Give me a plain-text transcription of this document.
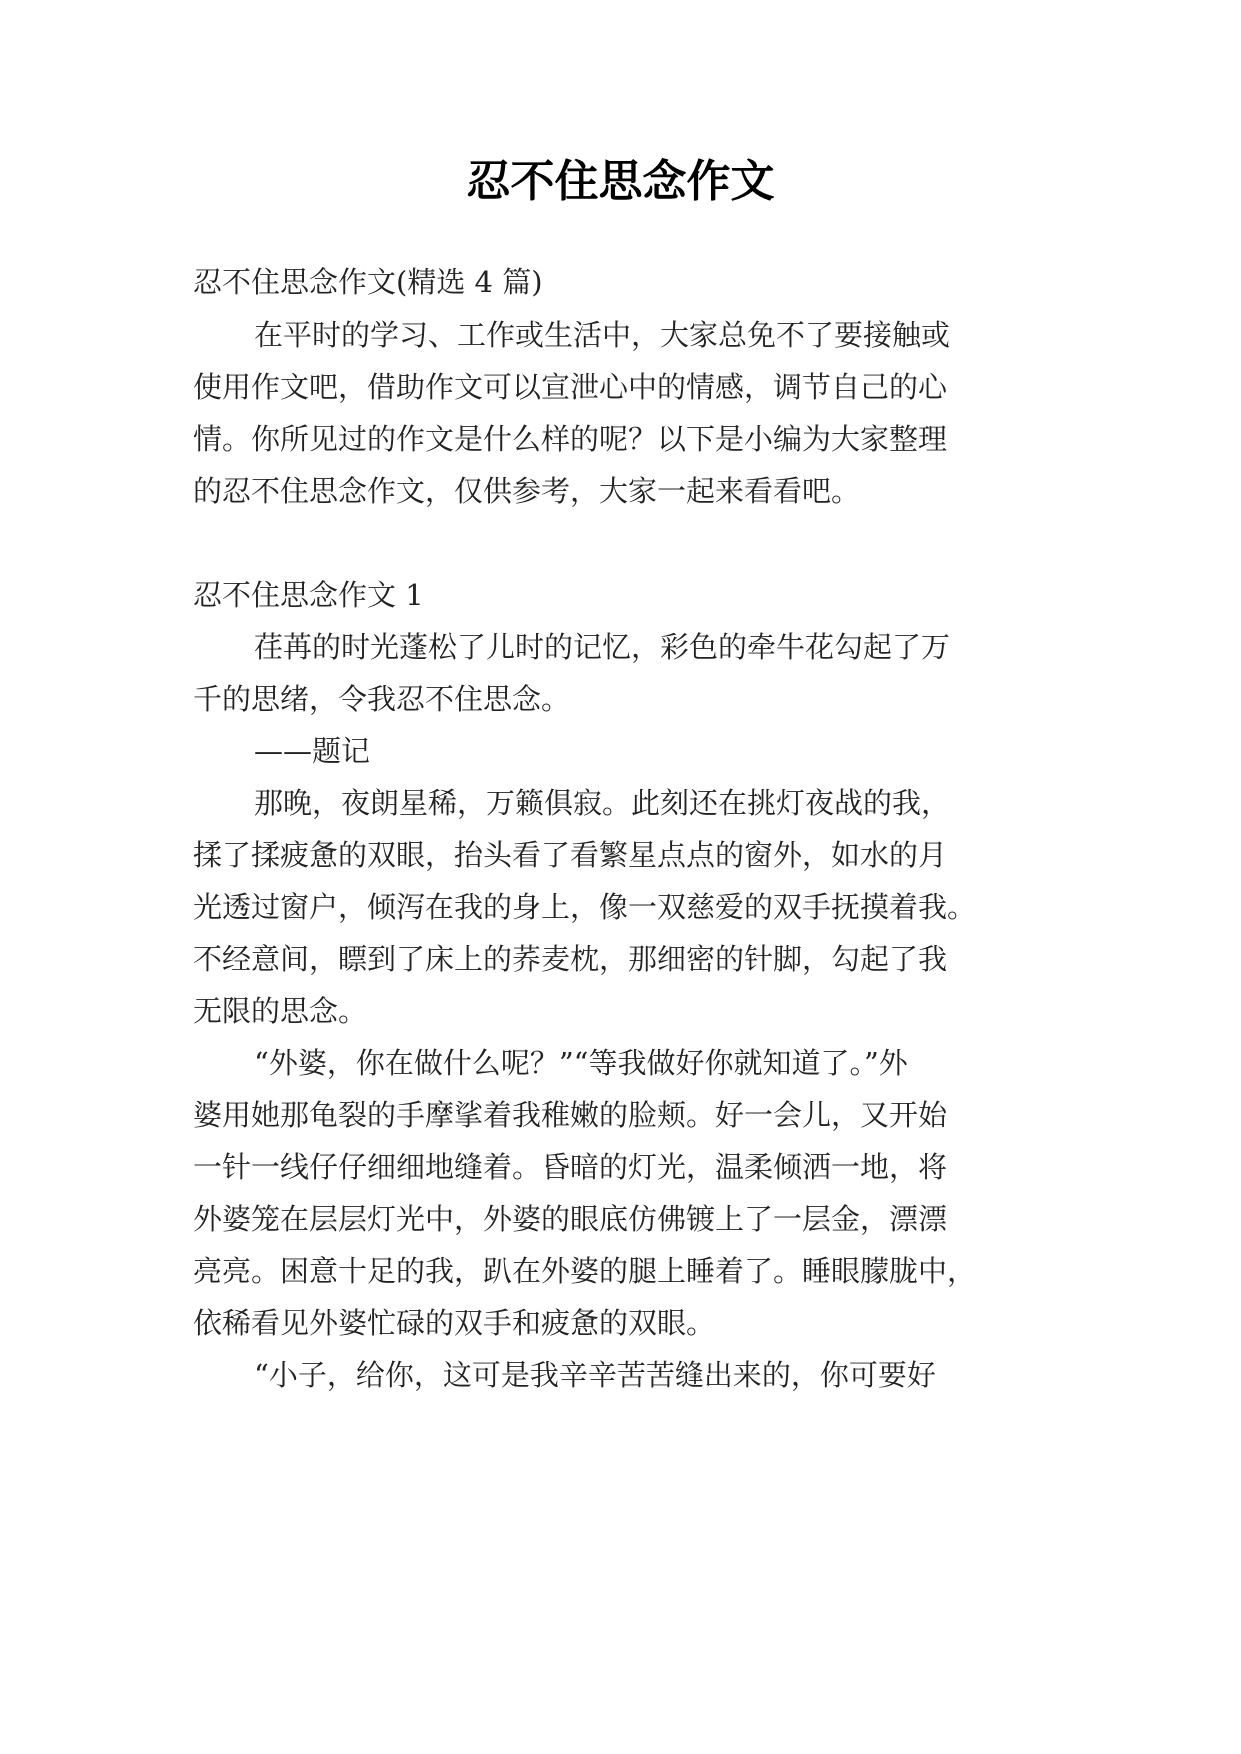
忍不住思念作文
忍不住思念作文(精选 4 篇)
在平时的学习、工作或生活中，大家总免不了要接触或
使用作文吧，借助作文可以宣泄心中的情感，调节自己的心
情。你所见过的作文是什么样的呢？以下是小编为大家整理
的忍不住思念作文，仅供参考，大家一起来看看吧。
忍不住思念作文 1
荏苒的时光蓬松了儿时的记忆，彩色的牵牛花勾起了万
千的思绪，令我忍不住思念。
——题记
那晚，夜朗星稀，万籁俱寂。此刻还在挑灯夜战的我，
揉了揉疲惫的双眼，抬头看了看繁星点点的窗外，如水的月
光透过窗户，倾泻在我的身上，像一双慈爱的双手抚摸着我。
不经意间，瞟到了床上的荞麦枕，那细密的针脚，勾起了我
无限的思念。
“外婆，你在做什么呢？”“等我做好你就知道了。”外
婆用她那龟裂的手摩挲着我稚嫩的脸颊。好一会儿，又开始
一针一线仔仔细细地缝着。昏暗的灯光，温柔倾洒一地，将
外婆笼在层层灯光中，外婆的眼底仿佛镀上了一层金，漂漂
亮亮。困意十足的我，趴在外婆的腿上睡着了。睡眼朦胧中，
依稀看见外婆忙碌的双手和疲惫的双眼。
“小子，给你，这可是我辛辛苦苦缝出来的，你可要好
